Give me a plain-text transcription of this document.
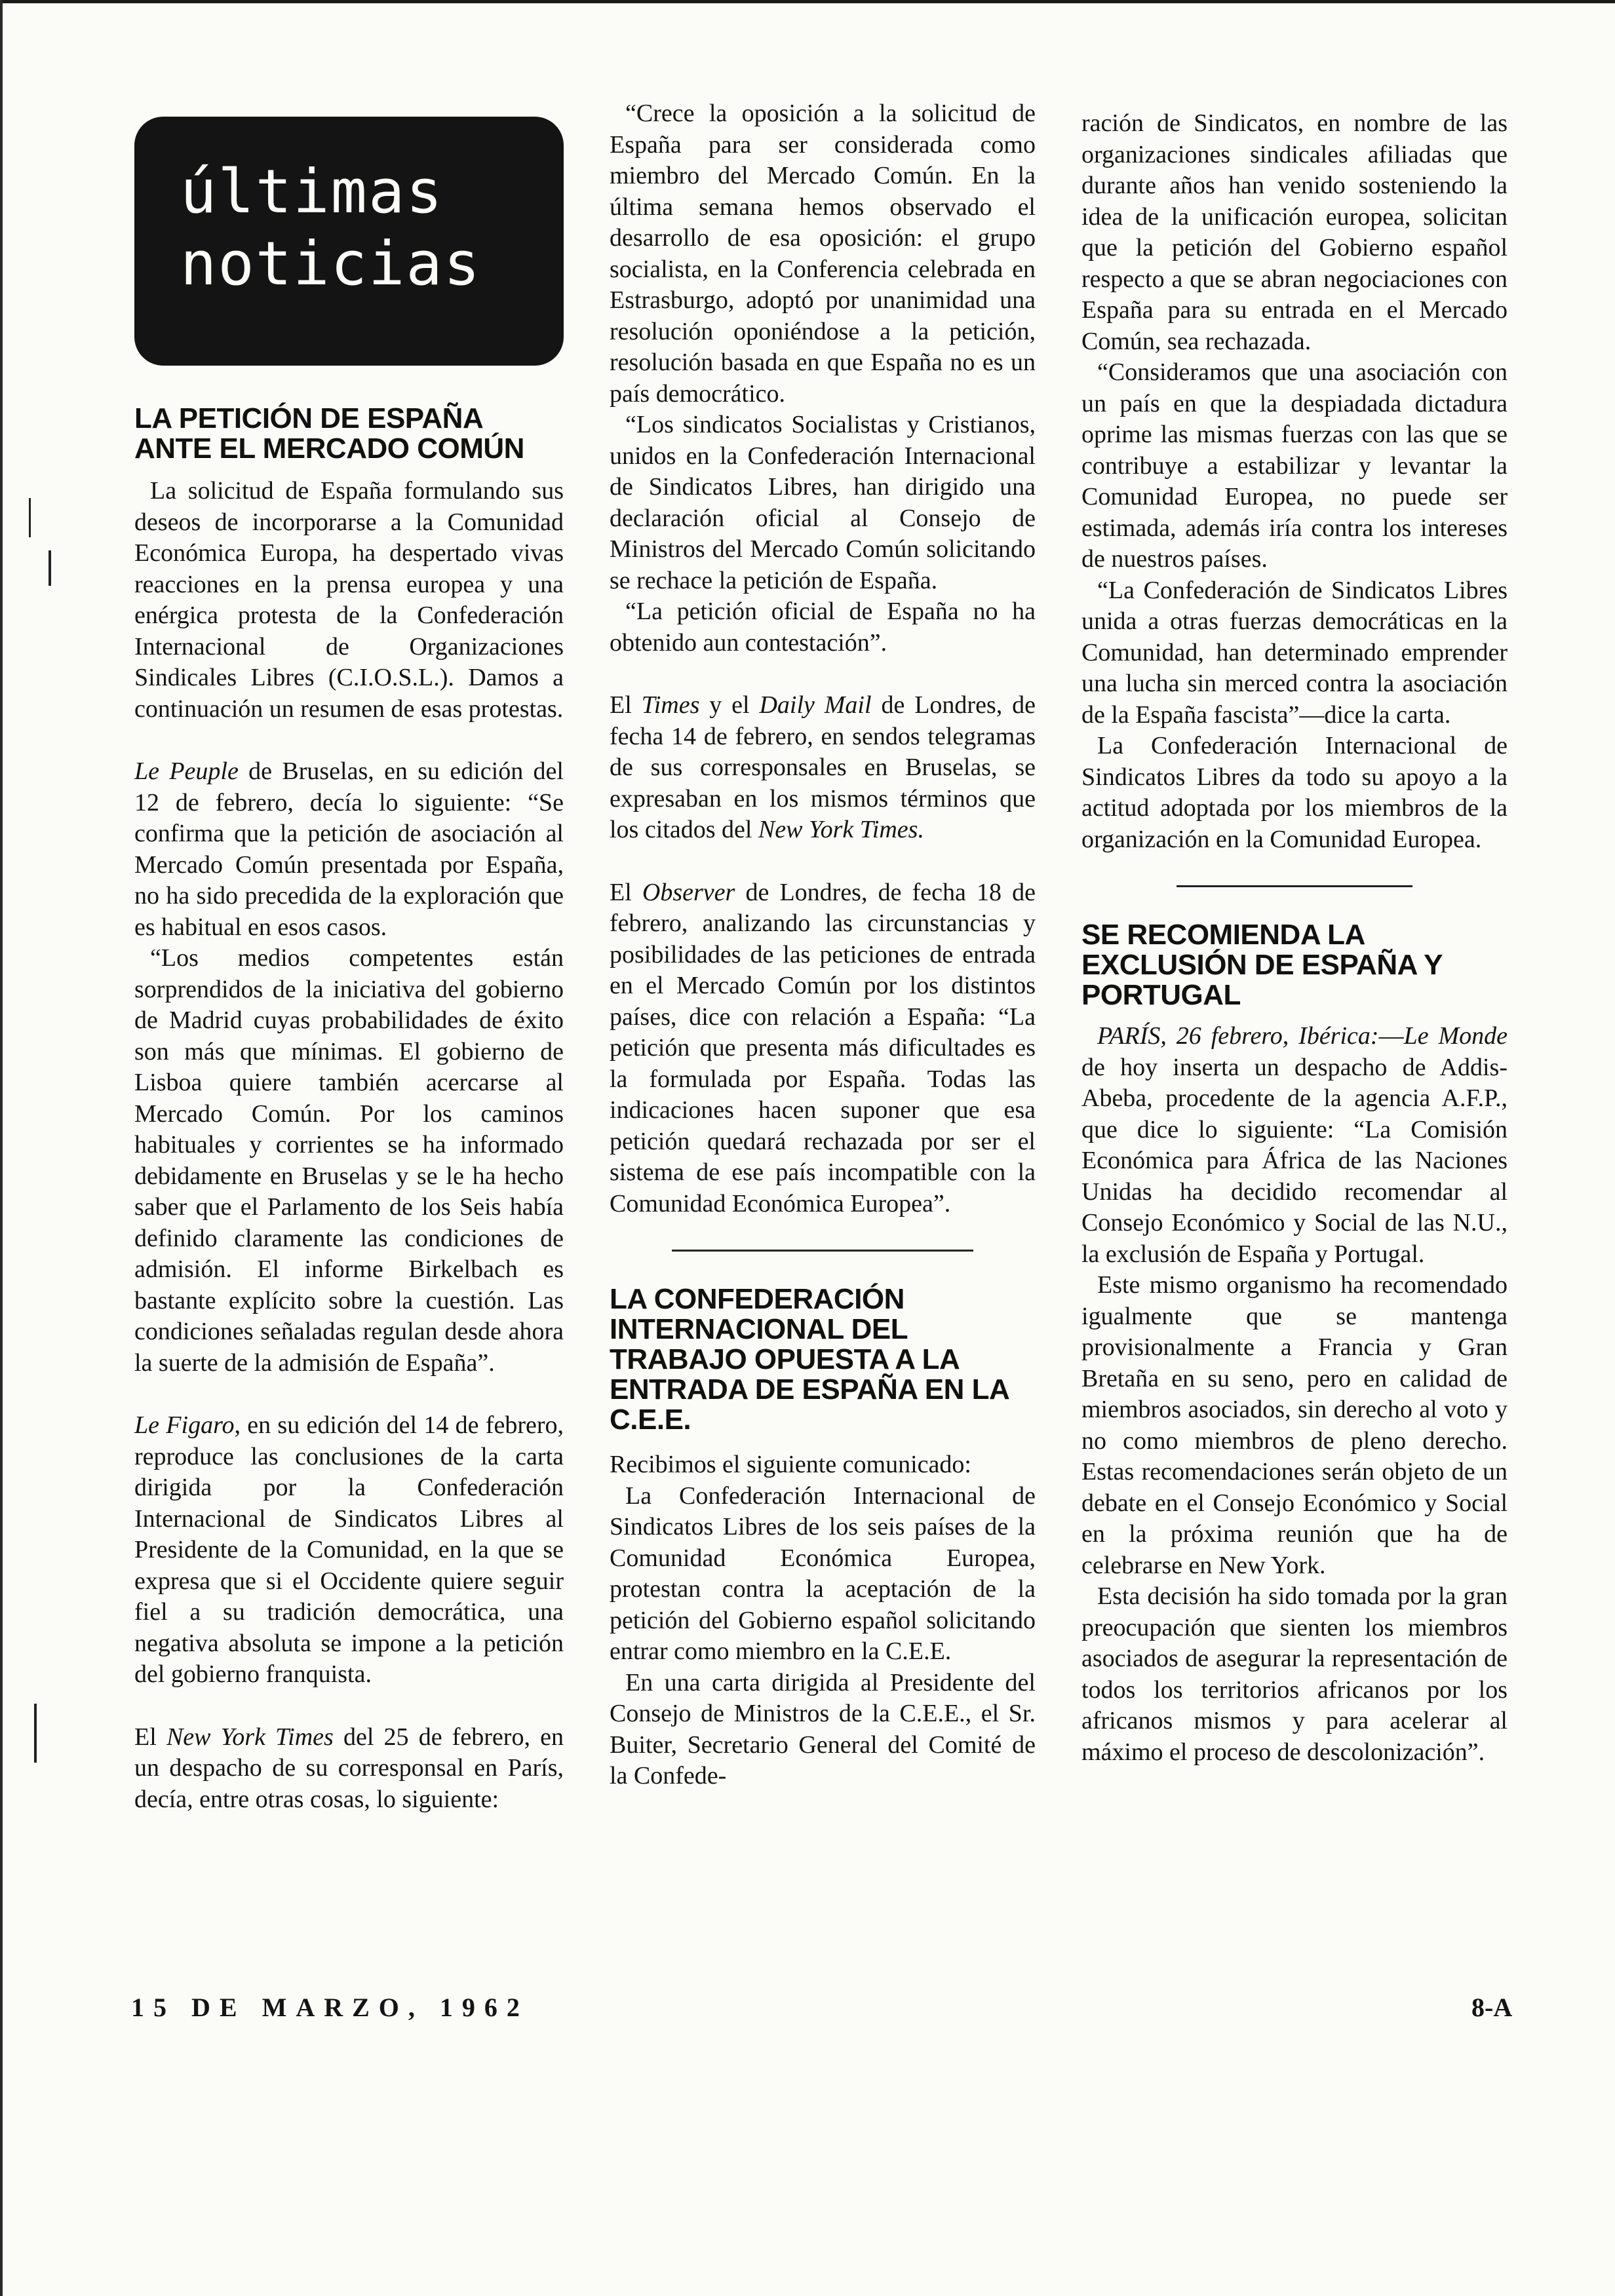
últimas
noticias
LA PETICIÓN DE ESPAÑA ANTE EL MERCADO COMÚN

La solicitud de España formulando sus deseos de incorporarse a la Comunidad Económica Europa, ha despertado vivas reacciones en la prensa europea y una enérgica protesta de la Confederación Internacional de Organizaciones Sindicales Libres (C.I.O.S.L.). Damos a continuación un resumen de esas protestas.

Le Peuple de Bruselas, en su edición del 12 de febrero, decía lo siguiente: “Se confirma que la petición de asociación al Mercado Común presentada por España, no ha sido precedida de la exploración que es habitual en esos casos.

“Los medios competentes están sorprendidos de la iniciativa del gobierno de Madrid cuyas probabilidades de éxito son más que mínimas. El gobierno de Lisboa quiere también acercarse al Mercado Común. Por los caminos habituales y corrientes se ha informado debidamente en Bruselas y se le ha hecho saber que el Parlamento de los Seis había definido claramente las condiciones de admisión. El informe Birkelbach es bastante explícito sobre la cuestión. Las condiciones señaladas regulan desde ahora la suerte de la admisión de España”.

Le Figaro, en su edición del 14 de febrero, reproduce las conclusiones de la carta dirigida por la Confederación Internacional de Sindicatos Libres al Presidente de la Comunidad, en la que se expresa que si el Occidente quiere seguir fiel a su tradición democrática, una negativa absoluta se impone a la petición del gobierno franquista.

El New York Times del 25 de febrero, en un despacho de su corresponsal en París, decía, entre otras cosas, lo siguiente:

“Crece la oposición a la solicitud de España para ser considerada como miembro del Mercado Común. En la última semana hemos observado el desarrollo de esa oposición: el grupo socialista, en la Conferencia celebrada en Estrasburgo, adoptó por unanimidad una resolución oponiéndose a la petición, resolución basada en que España no es un país democrático.

“Los sindicatos Socialistas y Cristianos, unidos en la Confederación Internacional de Sindicatos Libres, han dirigido una declaración oficial al Consejo de Ministros del Mercado Común solicitando se rechace la petición de España.

“La petición oficial de España no ha obtenido aun contestación”.

El Times y el Daily Mail de Londres, de fecha 14 de febrero, en sendos telegramas de sus corresponsales en Bruselas, se expresaban en los mismos términos que los citados del New York Times.

El Observer de Londres, de fecha 18 de febrero, analizando las circunstancias y posibilidades de las peticiones de entrada en el Mercado Común por los distintos países, dice con relación a España: “La petición que presenta más dificultades es la formulada por España. Todas las indicaciones hacen suponer que esa petición quedará rechazada por ser el sistema de ese país incompatible con la Comunidad Económica Europea”.

LA CONFEDERACIÓN INTERNACIONAL DEL TRABAJO OPUESTA A LA ENTRADA DE ESPAÑA EN LA C.E.E.

Recibimos el siguiente comunicado:

La Confederación Internacional de Sindicatos Libres de los seis países de la Comunidad Económica Europea, protestan contra la aceptación de la petición del Gobierno español solicitando entrar como miembro en la C.E.E.

En una carta dirigida al Presidente del Consejo de Ministros de la C.E.E., el Sr. Buiter, Secretario General del Comité de la Confede-

ración de Sindicatos, en nombre de las organizaciones sindicales afiliadas que durante años han venido sosteniendo la idea de la unificación europea, solicitan que la petición del Gobierno español respecto a que se abran negociaciones con España para su entrada en el Mercado Común, sea rechazada.

“Consideramos que una asociación con un país en que la despiadada dictadura oprime las mismas fuerzas con las que se contribuye a estabilizar y levantar la Comunidad Europea, no puede ser estimada, además iría contra los intereses de nuestros países.

“La Confederación de Sindicatos Libres unida a otras fuerzas democráticas en la Comunidad, han determinado emprender una lucha sin merced contra la asociación de la España fascista”—dice la carta.

La Confederación Internacional de Sindicatos Libres da todo su apoyo a la actitud adoptada por los miembros de la organización en la Comunidad Europea.

SE RECOMIENDA LA EXCLUSIÓN DE ESPAÑA Y PORTUGAL

PARÍS, 26 febrero, Ibérica:—Le Monde de hoy inserta un despacho de Addis-Abeba, procedente de la agencia A.F.P., que dice lo siguiente: “La Comisión Económica para África de las Naciones Unidas ha decidido recomendar al Consejo Económico y Social de las N.U., la exclusión de España y Portugal.

Este mismo organismo ha recomendado igualmente que se mantenga provisionalmente a Francia y Gran Bretaña en su seno, pero en calidad de miembros asociados, sin derecho al voto y no como miembros de pleno derecho. Estas recomendaciones serán objeto de un debate en el Consejo Económico y Social en la próxima reunión que ha de celebrarse en New York.

Esta decisión ha sido tomada por la gran preocupación que sienten los miembros asociados de asegurar la representación de todos los territorios africanos por los africanos mismos y para acelerar al máximo el proceso de descolonización”.

15 DE MARZO, 1962	8-A
